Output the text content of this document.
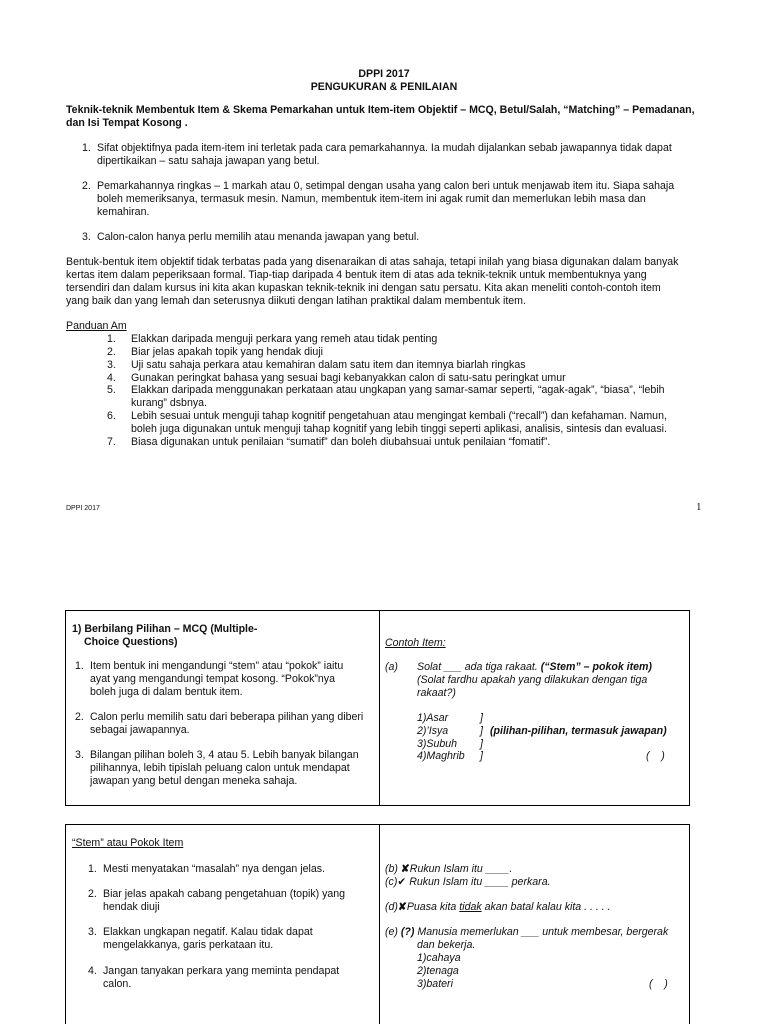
DPPI 2017
PENGUKURAN & PENILAIAN
Teknik-teknik Membentuk Item & Skema Pemarkahan untuk Item-item Objektif – MCQ, Betul/Salah, “Matching” – Pemadanan, dan Isi Tempat Kosong .
1. Sifat objektifnya pada item-item ini terletak pada cara pemarkahannya. Ia mudah dijalankan sebab jawapannya tidak dapat
dipertikaikan – satu sahaja jawapan yang betul.
2. Pemarkahannya ringkas – 1 markah atau 0, setimpal dengan usaha yang calon beri untuk menjawab item itu. Siapa sahaja
boleh memeriksanya, termasuk mesin. Namun, membentuk item-item ini agak rumit dan memerlukan lebih masa dan
kemahiran.
3. Calon-calon hanya perlu memilih atau menanda jawapan yang betul.
Bentuk-bentuk item objektif tidak terbatas pada yang disenaraikan di atas sahaja, tetapi inilah yang biasa digunakan dalam banyak
kertas item dalam peperiksaan formal. Tiap-tiap daripada 4 bentuk item di atas ada teknik-teknik untuk membentuknya yang
tersendiri dan dalam kursus ini kita akan kupaskan teknik-teknik ini dengan satu persatu. Kita akan meneliti contoh-contoh item
yang baik dan yang lemah dan seterusnya diikuti dengan latihan praktikal dalam membentuk item.
Panduan Am
1. Elakkan daripada menguji perkara yang remeh atau tidak penting
2. Biar jelas apakah topik yang hendak diuji
3. Uji satu sahaja perkara atau kemahiran dalam satu item dan itemnya biarlah ringkas
4. Gunakan peringkat bahasa yang sesuai bagi kebanyakkan calon di satu-satu peringkat umur
5. Elakkan daripada menggunakan perkataan atau ungkapan yang samar-samar seperti, “agak-agak”, “biasa”, “lebih
kurang” dsbnya.
6. Lebih sesuai untuk menguji tahap kognitif pengetahuan atau mengingat kembali (“recall”) dan kefahaman. Namun,
boleh juga digunakan untuk menguji tahap kognitif yang lebih tinggi seperti aplikasi, analisis, sintesis dan evaluasi.
7. Biasa digunakan untuk penilaian “sumatif” dan boleh diubahsuai untuk penilaian “fomatif”.
DPPI 2017	1
1) Berbilang Pilihan – MCQ (Multiple-
Choice Questions)
1. Item bentuk ini mengandungi “stem” atau “pokok” iaitu
ayat yang mengandungi tempat kosong. “Pokok”nya
boleh juga di dalam bentuk item.
2. Calon perlu memilih satu dari beberapa pilihan yang diberi
sebagai jawapannya.
3. Bilangan pilihan boleh 3, 4 atau 5. Lebih banyak bilangan
pilihannya, lebih tipislah peluang calon untuk mendapat
jawapan yang betul dengan meneka sahaja.
Contoh Item:
(a) Solat ___ ada tiga rakaat. (“Stem” – pokok item)
(Solat fardhu apakah yang dilakukan dengan tiga
rakaat?)
1)Asar	]
2)’Isya	] (pilihan-pilihan, termasuk jawapan)
3)Subuh ]
4)Maghrib ]	(    )
“Stem” atau Pokok Item
1. Mesti menyatakan “masalah” nya dengan jelas.
2. Biar jelas apakah cabang pengetahuan (topik) yang
hendak diuji
3. Elakkan ungkapan negatif. Kalau tidak dapat
mengelakkanya, garis perkataan itu.
4. Jangan tanyakan perkara yang meminta pendapat
calon.
(b) ✘Rukun Islam itu ____.
(c)✔ Rukun Islam itu ____ perkara.
(d)✘Puasa kita tidak akan batal kalau kita . . . . .
(e) (?) Manusia memerlukan ___ untuk membesar, bergerak
dan bekerja.
1)cahaya
2)tenaga
3)bateri	(    )
